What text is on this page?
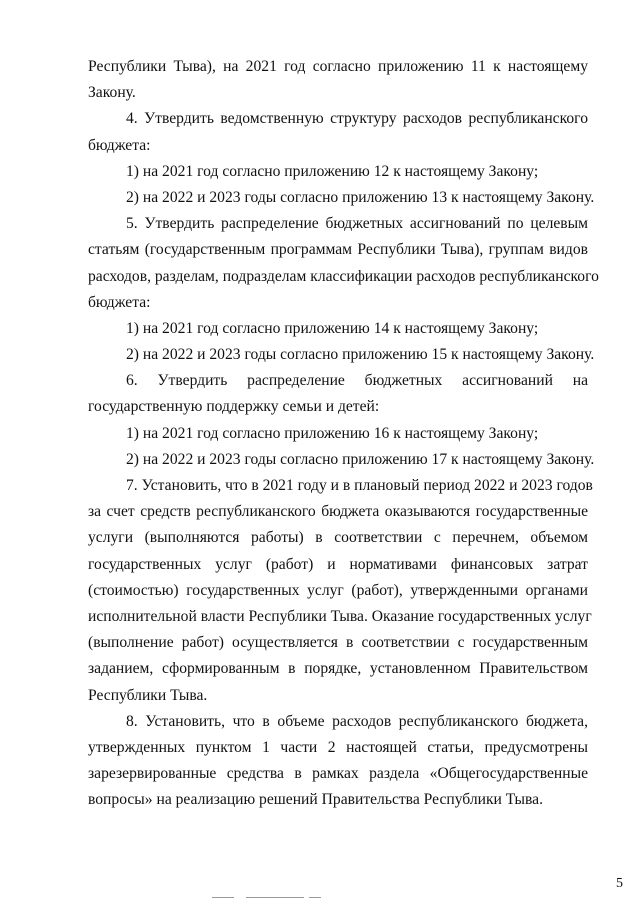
Республики Тыва), на 2021 год согласно приложению 11 к настоящему
Закону.
4. Утвердить ведомственную структуру расходов республиканского
бюджета:
1) на 2021 год согласно приложению 12 к настоящему Закону;
2) на 2022 и 2023 годы согласно приложению 13 к настоящему Закону.
5. Утвердить распределение бюджетных ассигнований по целевым
статьям (государственным программам Республики Тыва), группам видов
расходов, разделам, подразделам классификации расходов республиканского
бюджета:
1) на 2021 год согласно приложению 14 к настоящему Закону;
2) на 2022 и 2023 годы согласно приложению 15 к настоящему Закону.
6. Утвердить распределение бюджетных ассигнований на
государственную поддержку семьи и детей:
1) на 2021 год согласно приложению 16 к настоящему Закону;
2) на 2022 и 2023 годы согласно приложению 17 к настоящему Закону.
7. Установить, что в 2021 году и в плановый период 2022 и 2023 годов
за счет средств республиканского бюджета оказываются государственные
услуги (выполняются работы) в соответствии с перечнем, объемом
государственных услуг (работ) и нормативами финансовых затрат
(стоимостью) государственных услуг (работ), утвержденными органами
исполнительной власти Республики Тыва. Оказание государственных услуг
(выполнение работ) осуществляется в соответствии с государственным
заданием, сформированным в порядке, установленном Правительством
Республики Тыва.
8. Установить, что в объеме расходов республиканского бюджета,
утвержденных пунктом 1 части 2 настоящей статьи, предусмотрены
зарезервированные средства в рамках раздела «Общегосударственные
вопросы» на реализацию решений Правительства Республики Тыва.
5
